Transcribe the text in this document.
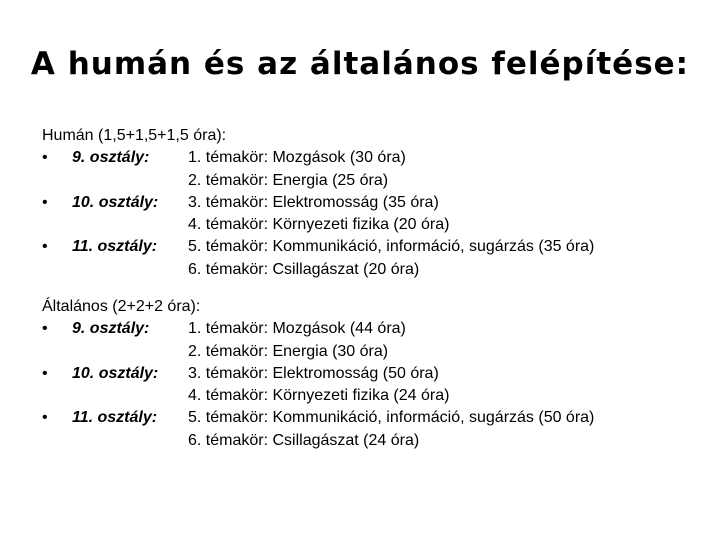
A humán és az általános felépítése:
Humán (1,5+1,5+1,5 óra):
•	9. osztály:	1. témakör: Mozgások (30 óra)
2. témakör: Energia (25 óra)
•	10. osztály:	3. témakör: Elektromosság (35 óra)
4. témakör: Környezeti fizika (20 óra)
•	11. osztály:	5. témakör: Kommunikáció, információ, sugárzás (35 óra)
6. témakör: Csillagászat (20 óra)
Általános (2+2+2 óra):
•	9. osztály:	1. témakör: Mozgások (44 óra)
2. témakör: Energia (30 óra)
•	10. osztály:	3. témakör: Elektromosság (50 óra)
4. témakör: Környezeti fizika (24 óra)
•	11. osztály:	5. témakör: Kommunikáció, információ, sugárzás (50 óra)
6. témakör: Csillagászat (24 óra)
